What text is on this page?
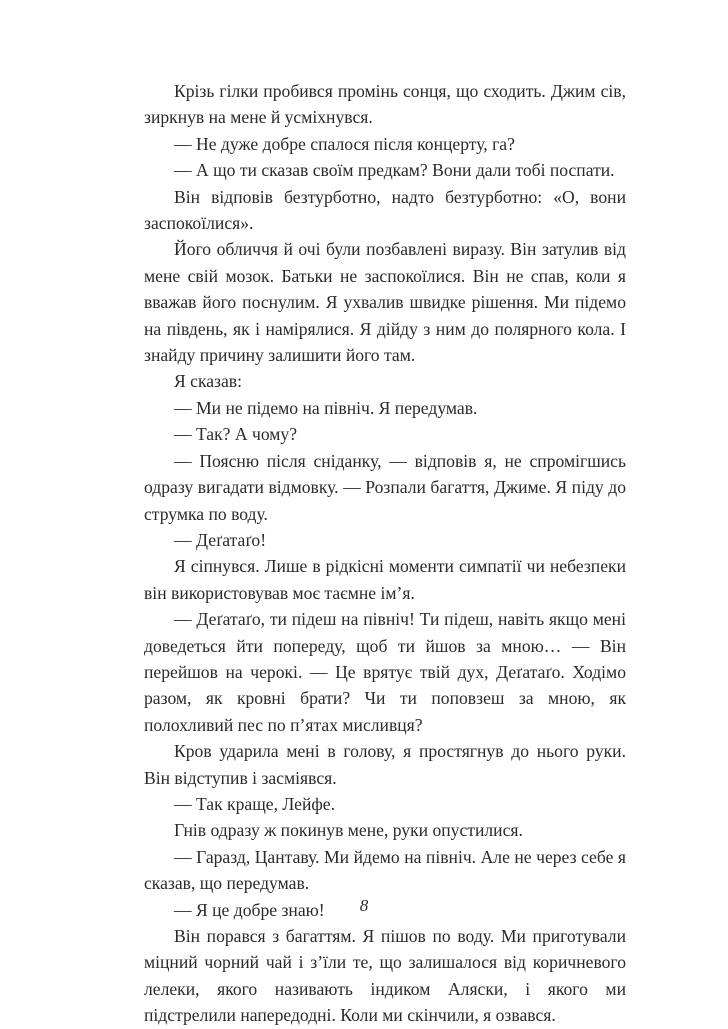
Крізь гілки пробився промінь сонця, що сходить. Джим сів, зиркнув на мене й усміхнувся.

— Не дуже добре спалося після концерту, га?

— А що ти сказав своїм предкам? Вони дали тобі поспати.

Він відповів безтурботно, надто безтурботно: «О, вони заспокоїлися».

Його обличчя й очі були позбавлені виразу. Він затулив від мене свій мозок. Батьки не заспокоїлися. Він не спав, коли я вважав його поснулим. Я ухвалив швидке рішення. Ми підемо на південь, як і намірялися. Я дійду з ним до полярного кола. І знайду причину залишити його там.

Я сказав:

— Ми не підемо на північ. Я передумав.

— Так? А чому?

— Поясню після сніданку, — відповів я, не спромігшись одразу вигадати відмовку. — Розпали багаття, Джиме. Я піду до струмка по воду.

— Деґатаґо!

Я сіпнувся. Лише в рідкісні моменти симпатії чи небезпеки він використовував моє таємне ім’я.

— Деґатаґо, ти підеш на північ! Ти підеш, навіть якщо мені доведеться йти попереду, щоб ти йшов за мною… — Він перейшов на черокі. — Це врятує твій дух, Деґатаґо. Ходімо разом, як кровні брати? Чи ти поповзеш за мною, як полохливий пес по п’ятах мисливця?

Кров ударила мені в голову, я простягнув до нього руки. Він відступив і засміявся.

— Так краще, Лейфе.

Гнів одразу ж покинув мене, руки опустилися.

— Гаразд, Цантаву. Ми йдемо на північ. Але не через себе я сказав, що передумав.

— Я це добре знаю!

Він порався з багаттям. Я пішов по воду. Ми приготували міцний чорний чай і з’їли те, що залишалося від коричневого лелеки, якого називають індиком Аляски, і якого ми підстрелили напередодні. Коли ми скінчили, я озвався.

8
